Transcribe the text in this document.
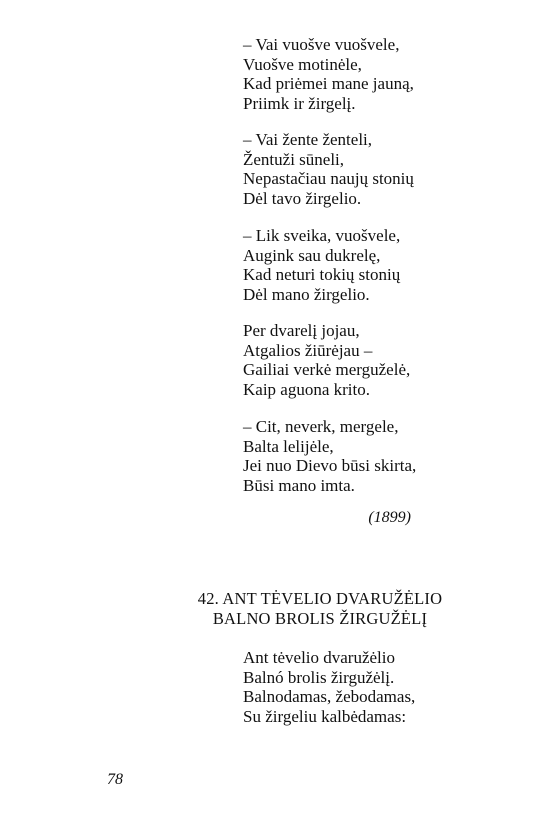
– Vai vuošve vuošvele,
Vuošve motinėle,
Kad priėmei mane jauną,
Priimk ir žirgelį.
– Vai žente ženteli,
Žentuži sūneli,
Nepastačiau naujų stonių
Dėl tavo žirgelio.
– Lik sveika, vuošvele,
Augink sau dukrelę,
Kad neturi tokių stonių
Dėl mano žirgelio.
Per dvarelį jojau,
Atgalios žiūrėjau –
Gailiai verkė merguželė,
Kaip aguona krito.
– Cit, neverk, mergele,
Balta lelijėle,
Jei nuo Dievo būsi skirta,
Būsi mano imta.
(1899)
42. ANT TĖVELIO DVARUŽĖLIO
BALNO BROLIS ŽIRGUŽĖLĮ
Ant tėvelio dvaružėlio
Balnó brolis žirgužėlį.
Balnodamas, žebodamas,
Su žirgeliu kalbėdamas:
78
